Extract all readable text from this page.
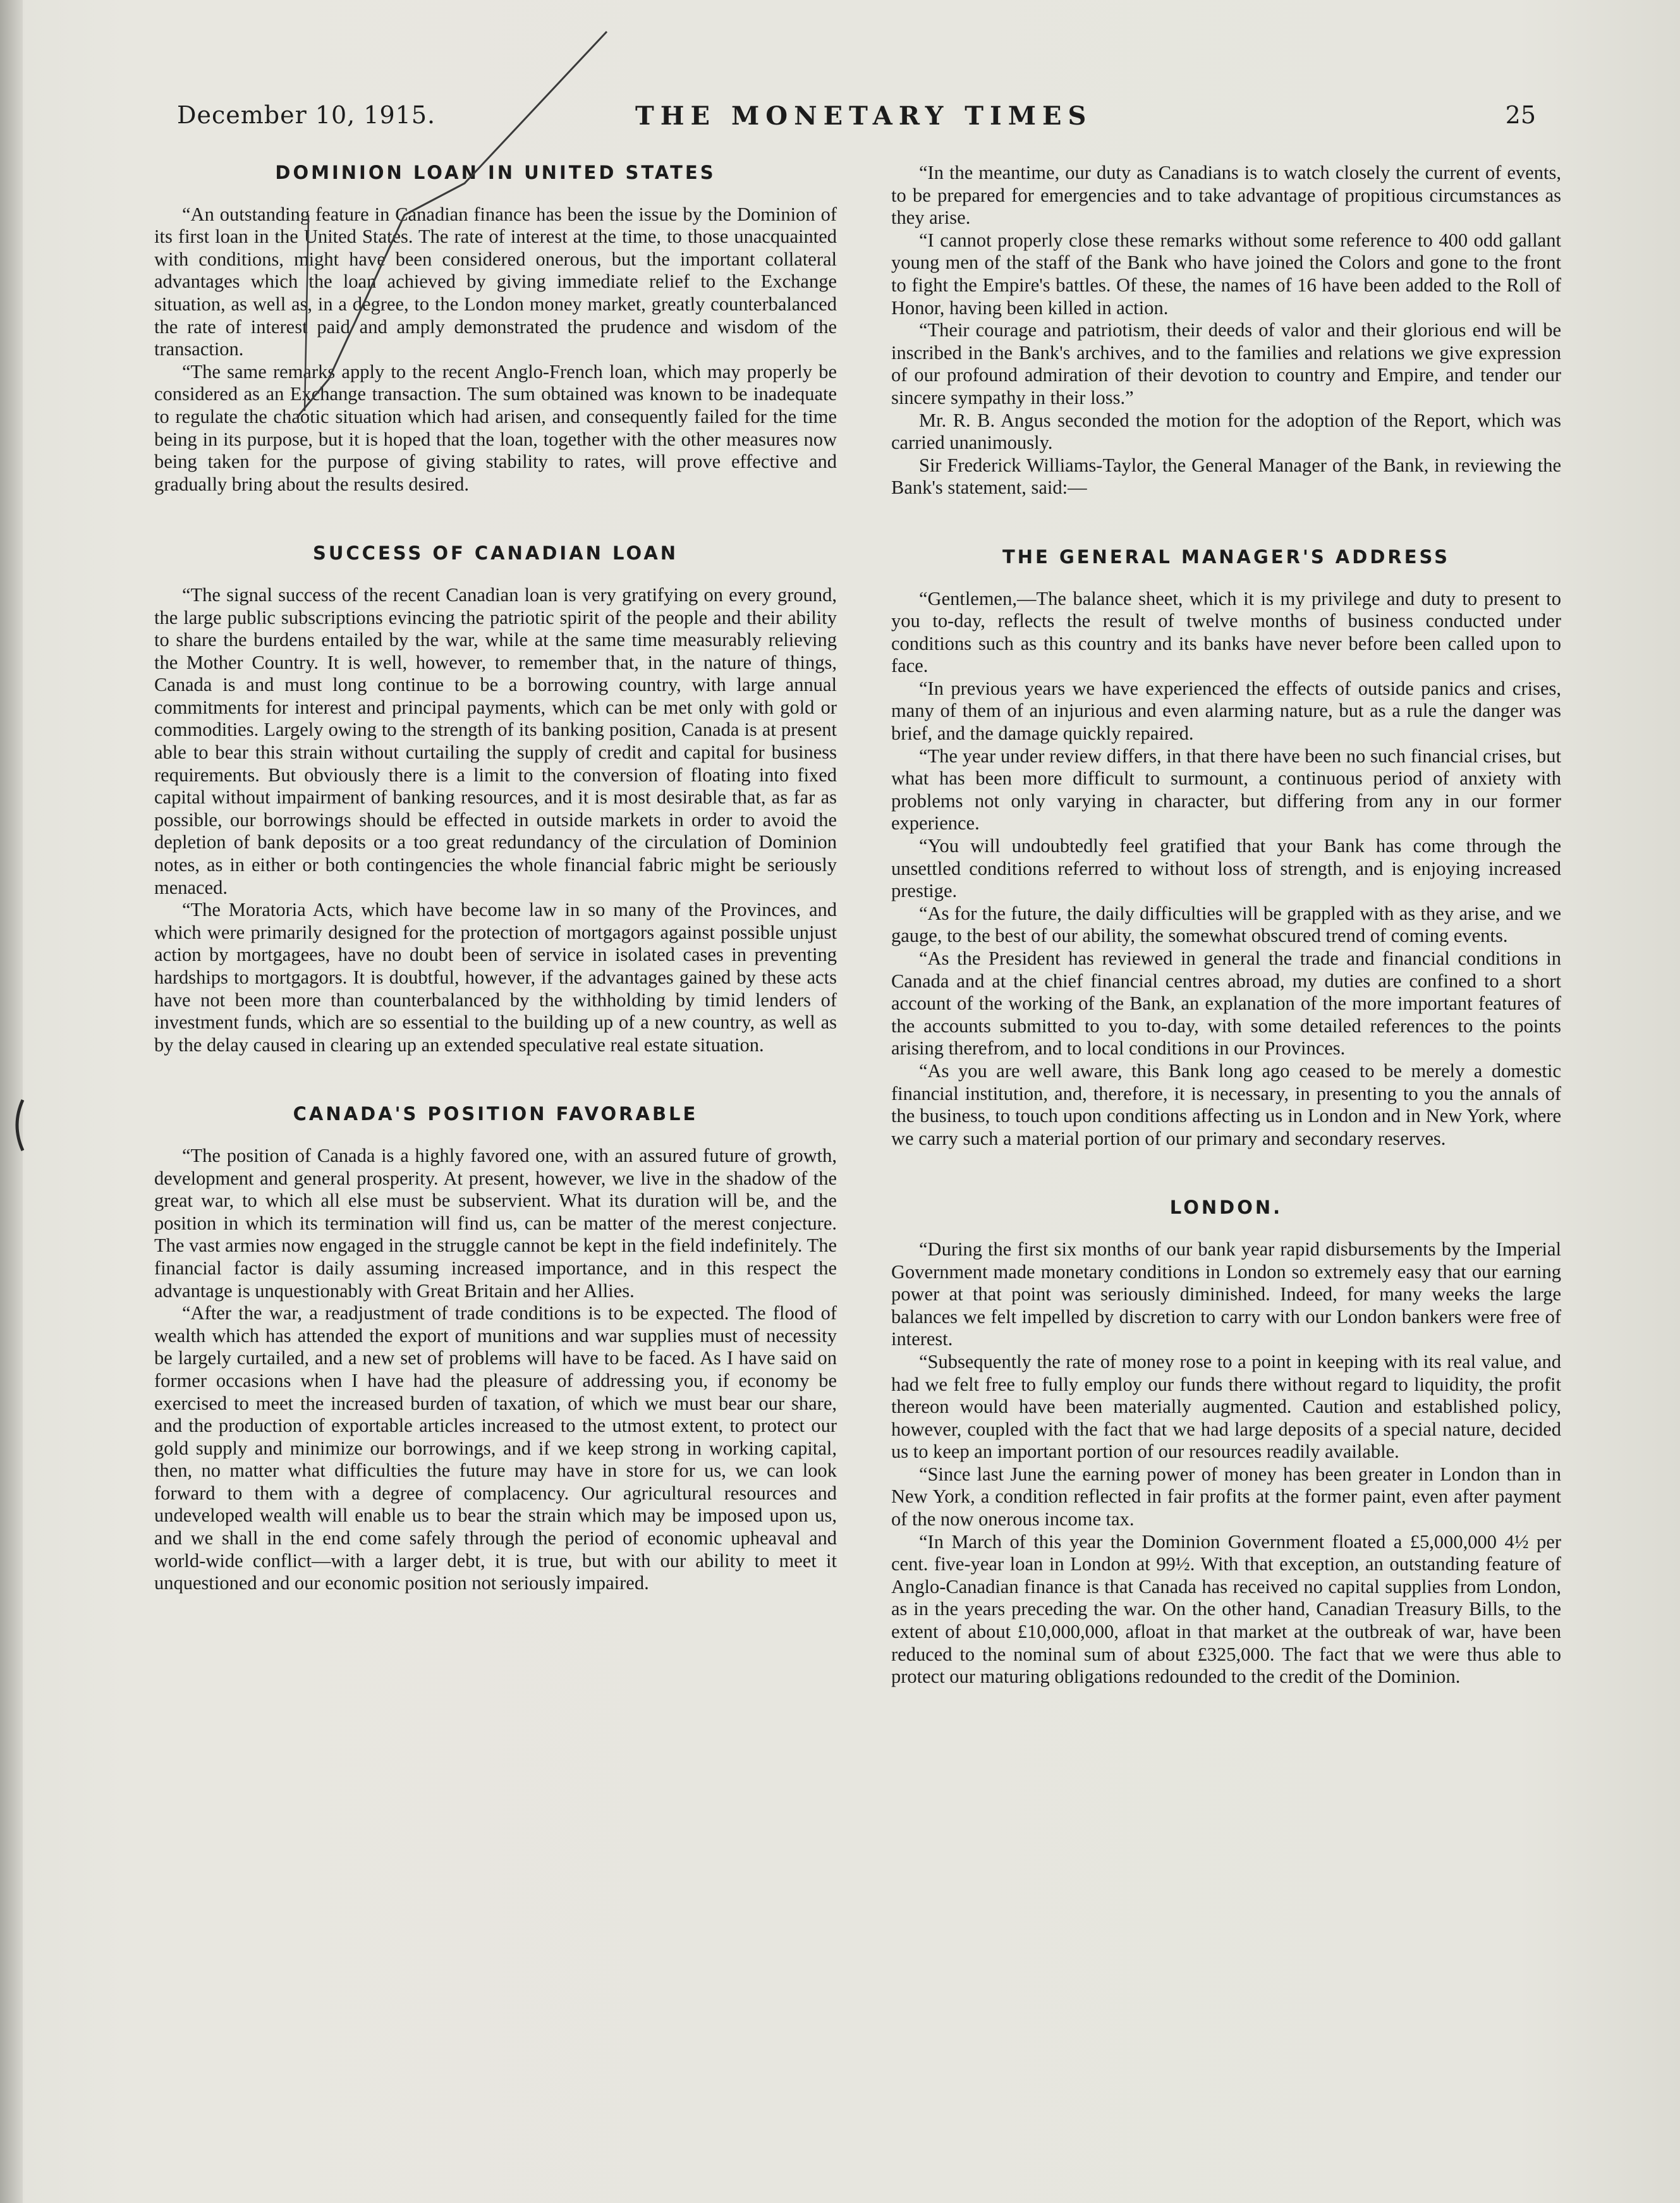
December 10, 1915.	THE MONETARY TIMES	25
DOMINION LOAN IN UNITED STATES

“An outstanding feature in Canadian finance has been the issue by the Dominion of its first loan in the United States. The rate of interest at the time, to those unacquainted with conditions, might have been considered onerous, but the important collateral advantages which the loan achieved by giving immediate relief to the Exchange situation, as well as, in a degree, to the London money market, greatly counterbalanced the rate of interest paid and amply demonstrated the prudence and wisdom of the transaction.

“The same remarks apply to the recent Anglo-French loan, which may properly be considered as an Exchange transaction. The sum obtained was known to be inadequate to regulate the chaotic situation which had arisen, and consequently failed for the time being in its purpose, but it is hoped that the loan, together with the other measures now being taken for the purpose of giving stability to rates, will prove effective and gradually bring about the results desired.

SUCCESS OF CANADIAN LOAN

“The signal success of the recent Canadian loan is very gratifying on every ground, the large public subscriptions evincing the patriotic spirit of the people and their ability to share the burdens entailed by the war, while at the same time measurably relieving the Mother Country. It is well, however, to remember that, in the nature of things, Canada is and must long continue to be a borrowing country, with large annual commitments for interest and principal payments, which can be met only with gold or commodities. Largely owing to the strength of its banking position, Canada is at present able to bear this strain without curtailing the supply of credit and capital for business requirements. But obviously there is a limit to the conversion of floating into fixed capital without impairment of banking resources, and it is most desirable that, as far as possible, our borrowings should be effected in outside markets in order to avoid the depletion of bank deposits or a too great redundancy of the circulation of Dominion notes, as in either or both contingencies the whole financial fabric might be seriously menaced.

“The Moratoria Acts, which have become law in so many of the Provinces, and which were primarily designed for the protection of mortgagors against possible unjust action by mortgagees, have no doubt been of service in isolated cases in preventing hardships to mortgagors. It is doubtful, however, if the advantages gained by these acts have not been more than counterbalanced by the withholding by timid lenders of investment funds, which are so essential to the building up of a new country, as well as by the delay caused in clearing up an extended speculative real estate situation.

CANADA'S POSITION FAVORABLE

“The position of Canada is a highly favored one, with an assured future of growth, development and general prosperity. At present, however, we live in the shadow of the great war, to which all else must be subservient. What its duration will be, and the position in which its termination will find us, can be matter of the merest conjecture. The vast armies now engaged in the struggle cannot be kept in the field indefinitely. The financial factor is daily assuming increased importance, and in this respect the advantage is unquestionably with Great Britain and her Allies.

“After the war, a readjustment of trade conditions is to be expected. The flood of wealth which has attended the export of munitions and war supplies must of necessity be largely curtailed, and a new set of problems will have to be faced. As I have said on former occasions when I have had the pleasure of addressing you, if economy be exercised to meet the increased burden of taxation, of which we must bear our share, and the production of exportable articles increased to the utmost extent, to protect our gold supply and minimize our borrowings, and if we keep strong in working capital, then, no matter what difficulties the future may have in store for us, we can look forward to them with a degree of complacency. Our agricultural resources and undeveloped wealth will enable us to bear the strain which may be imposed upon us, and we shall in the end come safely through the period of economic upheaval and world-wide conflict—with a larger debt, it is true, but with our ability to meet it unquestioned and our economic position not seriously impaired.

“In the meantime, our duty as Canadians is to watch closely the current of events, to be prepared for emergencies and to take advantage of propitious circumstances as they arise.

“I cannot properly close these remarks without some reference to 400 odd gallant young men of the staff of the Bank who have joined the Colors and gone to the front to fight the Empire's battles. Of these, the names of 16 have been added to the Roll of Honor, having been killed in action.

“Their courage and patriotism, their deeds of valor and their glorious end will be inscribed in the Bank's archives, and to the families and relations we give expression of our profound admiration of their devotion to country and Empire, and tender our sincere sympathy in their loss.”

Mr. R. B. Angus seconded the motion for the adoption of the Report, which was carried unanimously.

Sir Frederick Williams-Taylor, the General Manager of the Bank, in reviewing the Bank's statement, said:—

THE GENERAL MANAGER'S ADDRESS

“Gentlemen,—The balance sheet, which it is my privilege and duty to present to you to-day, reflects the result of twelve months of business conducted under conditions such as this country and its banks have never before been called upon to face.

“In previous years we have experienced the effects of outside panics and crises, many of them of an injurious and even alarming nature, but as a rule the danger was brief, and the damage quickly repaired.

“The year under review differs, in that there have been no such financial crises, but what has been more difficult to surmount, a continuous period of anxiety with problems not only varying in character, but differing from any in our former experience.

“You will undoubtedly feel gratified that your Bank has come through the unsettled conditions referred to without loss of strength, and is enjoying increased prestige.

“As for the future, the daily difficulties will be grappled with as they arise, and we gauge, to the best of our ability, the somewhat obscured trend of coming events.

“As the President has reviewed in general the trade and financial conditions in Canada and at the chief financial centres abroad, my duties are confined to a short account of the working of the Bank, an explanation of the more important features of the accounts submitted to you to-day, with some detailed references to the points arising therefrom, and to local conditions in our Provinces.

“As you are well aware, this Bank long ago ceased to be merely a domestic financial institution, and, therefore, it is necessary, in presenting to you the annals of the business, to touch upon conditions affecting us in London and in New York, where we carry such a material portion of our primary and secondary reserves.

LONDON.

“During the first six months of our bank year rapid disbursements by the Imperial Government made monetary conditions in London so extremely easy that our earning power at that point was seriously diminished. Indeed, for many weeks the large balances we felt impelled by discretion to carry with our London bankers were free of interest.

“Subsequently the rate of money rose to a point in keeping with its real value, and had we felt free to fully employ our funds there without regard to liquidity, the profit thereon would have been materially augmented. Caution and established policy, however, coupled with the fact that we had large deposits of a special nature, decided us to keep an important portion of our resources readily available.

“Since last June the earning power of money has been greater in London than in New York, a condition reflected in fair profits at the former paint, even after payment of the now onerous income tax.

“In March of this year the Dominion Government floated a £5,000,000 4½ per cent. five-year loan in London at 99½. With that exception, an outstanding feature of Anglo-Canadian finance is that Canada has received no capital supplies from London, as in the years preceding the war. On the other hand, Canadian Treasury Bills, to the extent of about £10,000,000, afloat in that market at the outbreak of war, have been reduced to the nominal sum of about £325,000. The fact that we were thus able to protect our maturing obligations redounded to the credit of the Dominion.
